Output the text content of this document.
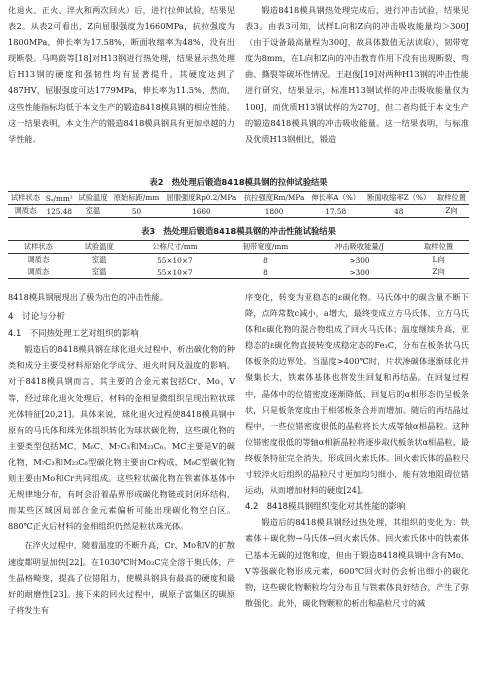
化退火、正火、淬火和两次回火）后，进行拉伸试验，结果见表2。从表2可看出，Z向屈服强度为1660MPa，抗拉强度为1800MPa，伸长率为17.58%，断面收缩率为48%，没有出现断裂。马鸣蔚等[18]对H13钢进行热处理，结果显示热处理后H13钢的硬度和强韧性均有显著提升，其硬度达到了487HV，屈服强度可达1779MPa，伸长率为11.5%，然而，这些性能指标均低于本文生产的锻造8418模具钢的相应性能。这一结果表明，本文生产的锻造8418模具钢具有更加卓越的力学性能。

锻造8418模具钢热处理完成后，进行冲击试验，结果见表3。由表3可知，试样L向和Z向的冲击吸收能量均＞300J（由于设备最高量程为300J，故具体数值无法读取），韧带宽度为8mm，在L向和Z向的冲击教育作用下没有出现断裂、弯曲、撕裂等破坏性情况。王赵俊[19]对两种H13钢的冲击性能进行研究，结果显示，标准H13钢试样的冲击吸收能量仅为100J，而优质H13钢试样的为270J，但二者均低于本文生产的锻造8418模具钢的冲击吸收能量。这一结果表明，与标准及优质H13钢相比，锻造

表2　热处理后锻造8418模具钢的拉伸试验结果
试样状态	Sₒ/mm²	试验温度	原始标距/mm	屈服强度Rp0.2/MPa	抗拉强度Rm/MPa	伸长率A（%）	断面收缩率Z（%）	取样位置
调质态	125.48	室温	50	1660	1800	17.58	48	Z向
表3　热处理后锻造8418模具钢的冲击性能试验结果
试样状态	试验温度	公称尺寸/mm	韧带宽度/mm	冲击吸收能量/J	取样位置
调质态	室温	55×10×7	8	>300	L向
调质态	室温	55×10×7	8	>300	Z向

8418模具钢展现出了极为出色的冲击性能。

4　讨论与分析

4.1　不同热处理工艺对组织的影响

锻造后的8418模具钢在球化退火过程中，析出碳化物的种类和成分主要受材料原始化学成分、退火时间及温度的影响。对于8418模具钢而言，其主要的合金元素包括Cr、Mo、V等，经过球化退火处理后，材料的金相显微组织呈现出粒状球光体特征[20,21]。具体来说，球化退火过程使8418模具钢中原有的马氏体和珠光体组织转化为球状碳化物，这些碳化物的主要类型包括MC、M₆C、M₇C₃和M₂₃C₆。MC主要是V的碳化物，M₇C₃和M₂₃C₆型碳化物主要由Cr构成，M₆C型碳化物则主要由Mo和Cr共同组成。这些粒状碳化物在铁素体基体中无规律地分布，有时会沿着晶界形成碳化物链或封闭环结构，而某些区域因局部合金元素偏析可能出现碳化物空白区。880℃正火后材料的金相组织仍然是粒状珠光体。

在淬火过程中，随着温度的不断升高，Cr、Mo和V的扩散速度都明显加快[22]。在1030℃时Mo₂C完全溶于奥氏体，产生晶格畸变，提高了位错阻力，使模具钢具有最高的硬度和最好的耐磨性[23]。接下来的回火过程中，碳原子富集区的碳原子将发生有

序变化，转变为亚稳态的ε碳化物。马氏体中的碳含量不断下降，点阵常数c减小，a增大，最终变成立方马氏体，立方马氏体和ε碳化物的混合物组成了回火马氏体；温度继续升高，亚稳态的ε碳化物直接转变成稳定态的Fe₃C，分布在板条状马氏体板条的边界处。当温度>400℃时，片状渗碳体逐渐球化并聚集长大，铁素体基体也将发生回复和再结晶。在回复过程中，晶体中的位错密度逐渐降低，回复后的α相形态仍呈板条状，只是板条宽度由于相邻板条合并而增加。随后的再结晶过程中，一些位错密度很低的晶粒将长大成等轴α相晶粒。这种位错密度很低的等轴α相新晶粒将逐步取代板条状α相晶粒，最终板条特征完全消失，形成回火索氏体。回火索氏体的晶粒尺寸较淬火后组织的晶粒尺寸更加均匀细小，能有效地阻碍位错运动，从而增加材料的硬度[24]。

4.2　8418模具钢组织变化对其性能的影响

锻造后的8418模具钢经过热处理，其组织的变化为：铁素体＋碳化物→马氏体→回火索氏体。回火索氏体中的铁素体已基本无碳的过饱和度，但由于锻造8418模具钢中含有Mo、V等强碳化物形成元素，600℃回火时仍会析出细小的碳化物，这些碳化物颗粒均匀分布且与铁素体良好结合，产生了弥散强化。此外，碳化物颗粒的析出和晶粒尺寸的减
